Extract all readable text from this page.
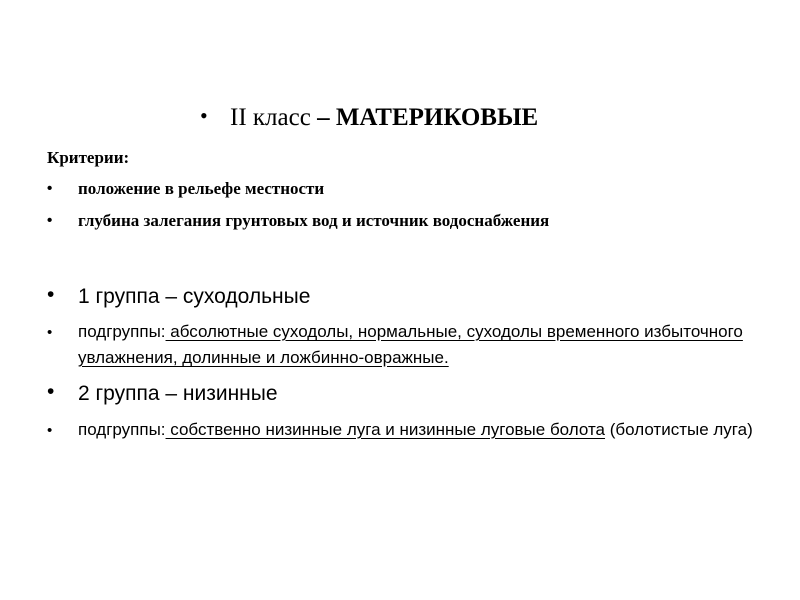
• II класс – МАТЕРИКОВЫЕ
Критерии:
• положение в рельефе местности
• глубина залегания грунтовых вод и источник водоснабжения
• 1 группа – суходольные
• подгруппы: абсолютные суходолы, нормальные, суходолы временного избыточного увлажнения, долинные и ложбинно-овражные.
• 2 группа – низинные
• подгруппы: собственно низинные луга и низинные луговые болота (болотистые луга)
